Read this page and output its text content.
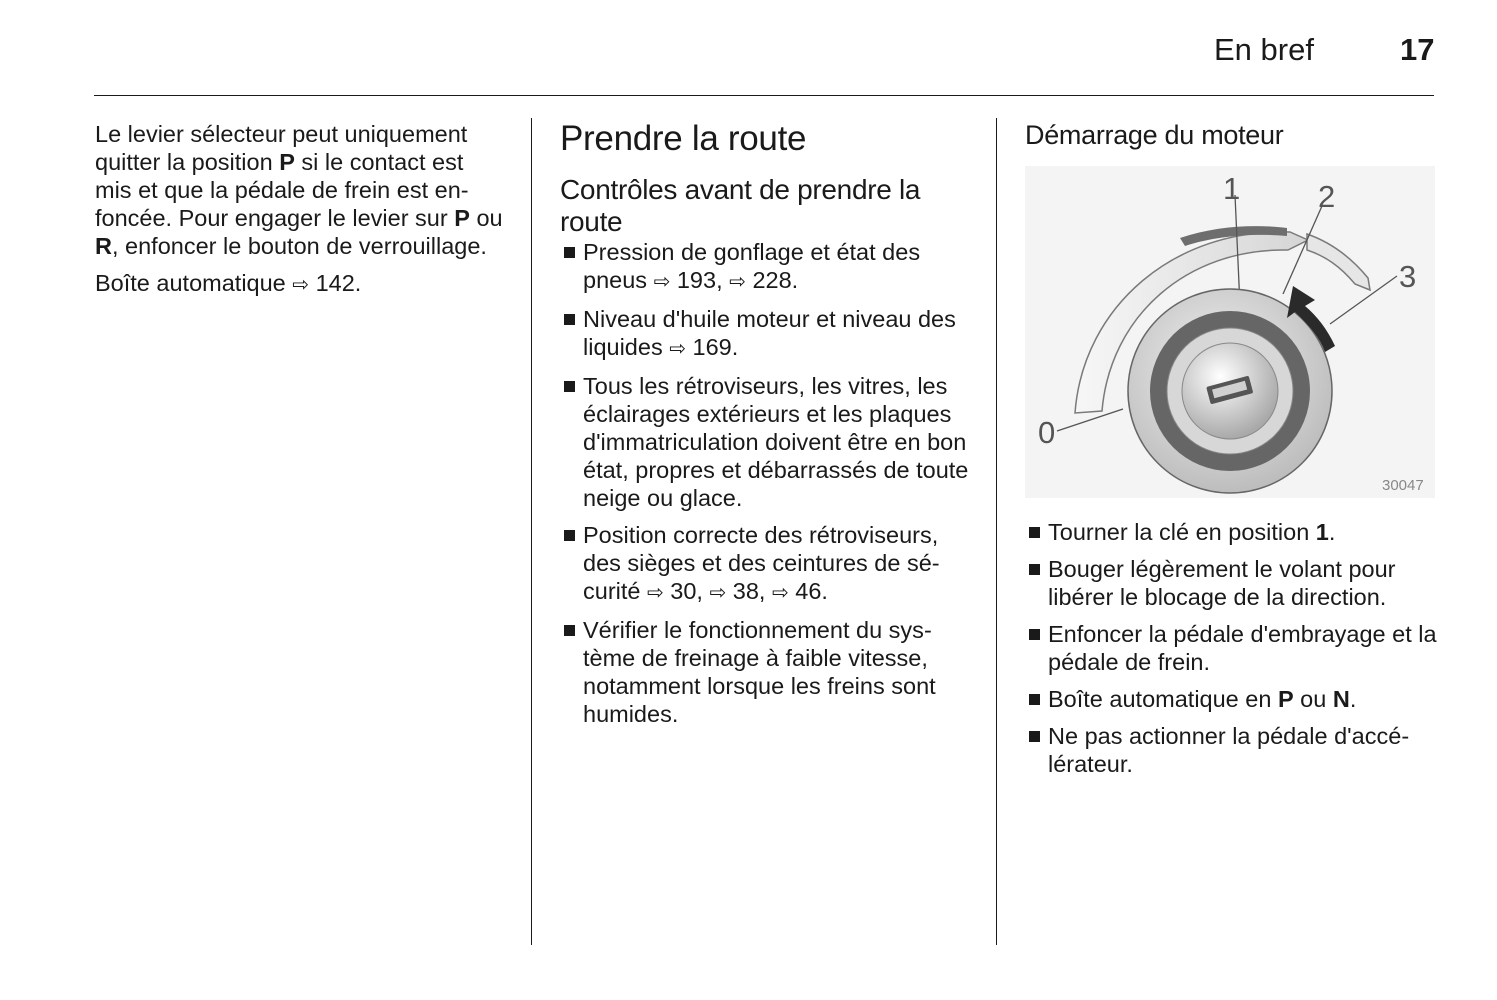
En bref	17

Le levier sélecteur peut uniquement quitter la position P si le contact est mis et que la pédale de frein est enfoncée. Pour engager le levier sur P ou R, enfoncer le bouton de verrouillage.

Boîte automatique ⇨ 142.

Prendre la route
Contrôles avant de prendre la route
Pression de gonflage et état des pneus ⇨ 193, ⇨ 228.
Niveau d'huile moteur et niveau des liquides ⇨ 169.
Tous les rétroviseurs, les vitres, les éclairages extérieurs et les plaques d'immatriculation doivent être en bon état, propres et débarrassés de toute neige ou glace.
Position correcte des rétroviseurs, des sièges et des ceintures de sécurité ⇨ 30, ⇨ 38, ⇨ 46.
Vérifier le fonctionnement du système de freinage à faible vitesse, notamment lorsque les freins sont humides.
Démarrage du moteur
1	2
3
0
30047
Tourner la clé en position 1.
Bouger légèrement le volant pour libérer le blocage de la direction.
Enfoncer la pédale d'embrayage et la pédale de frein.
Boîte automatique en P ou N.
Ne pas actionner la pédale d'accélérateur.
